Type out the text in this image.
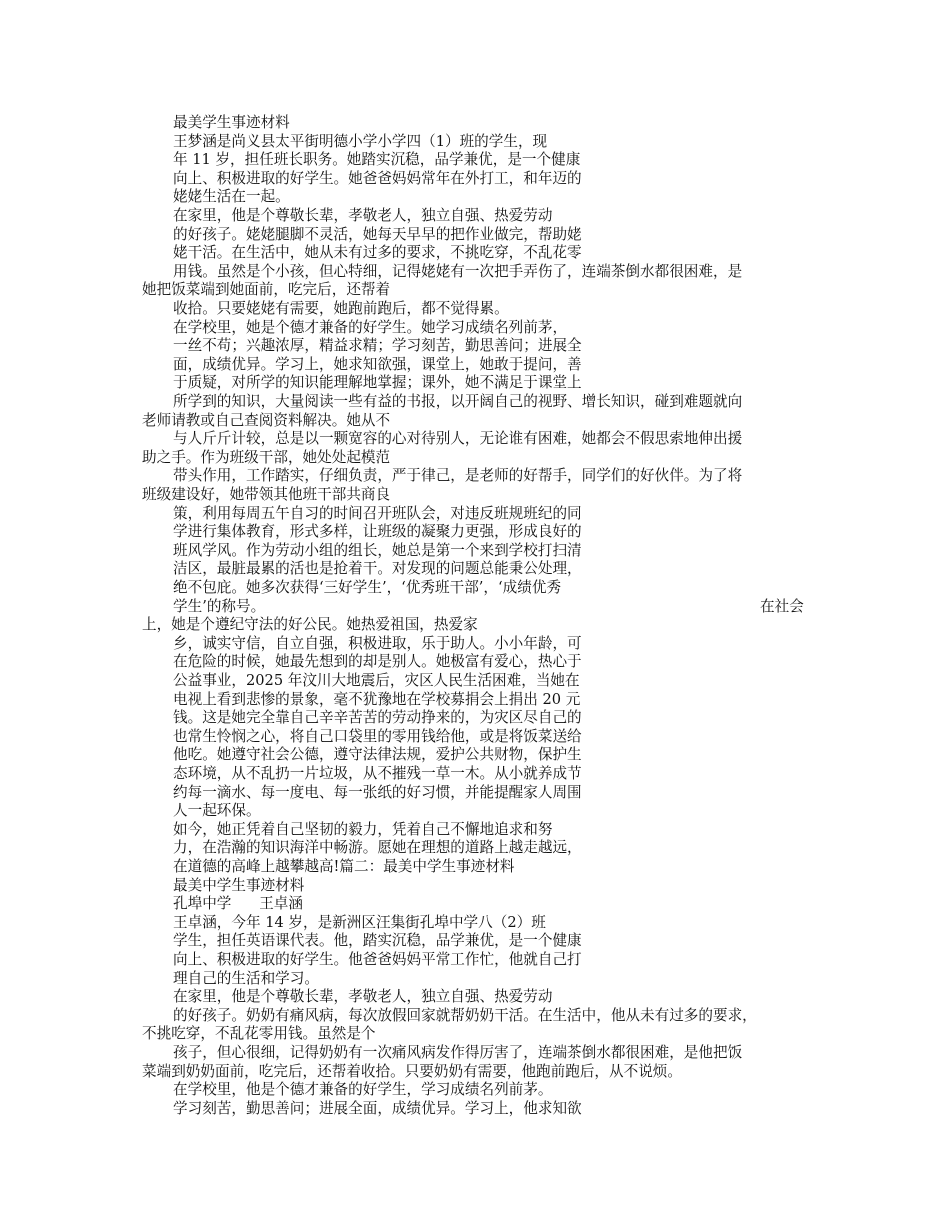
最美学生事迹材料

王梦涵是尚义县太平街明德小学小学四（1）班的学生，现

年 11 岁，担任班长职务。她踏实沉稳，品学兼优，是一个健康

向上、积极进取的好学生。她爸爸妈妈常年在外打工，和年迈的

姥姥生活在一起。

在家里，他是个尊敬长辈，孝敬老人，独立自强、热爱劳动

的好孩子。姥姥腿脚不灵活，她每天早早的把作业做完，帮助姥

姥干活。在生活中，她从未有过多的要求，不挑吃穿，不乱花零

用钱。虽然是个小孩，但心特细，记得姥姥有一次把手弄伤了，连端茶倒水都很困难，是

她把饭菜端到她面前，吃完后，还帮着

收拾。只要姥姥有需要，她跑前跑后，都不觉得累。

在学校里，她是个德才兼备的好学生。她学习成绩名列前茅，

一丝不苟；兴趣浓厚，精益求精；学习刻苦，勤思善问；进展全

面，成绩优异。学习上，她求知欲强，课堂上，她敢于提问，善

于质疑，对所学的知识能理解地掌握；课外，她不满足于课堂上

所学到的知识，大量阅读一些有益的书报，以开阔自己的视野、增长知识，碰到难题就向

老师请教或自己查阅资料解决。她从不

与人斤斤计较，总是以一颗宽容的心对待别人，无论谁有困难，她都会不假思索地伸出援

助之手。作为班级干部，她处处起模范

带头作用，工作踏实，仔细负责，严于律己，是老师的好帮手，同学们的好伙伴。为了将

班级建设好，她带领其他班干部共商良

策，利用每周五午自习的时间召开班队会，对违反班规班纪的同

学进行集体教育，形式多样，让班级的凝聚力更强，形成良好的

班风学风。作为劳动小组的组长，她总是第一个来到学校打扫清

洁区，最脏最累的活也是抢着干。对发现的问题总能秉公处理，

绝不包庇。她多次获得‘三好学生’，‘优秀班干部’，‘成绩优秀

学生’的称号。	在社会

上，她是个遵纪守法的好公民。她热爱祖国，热爱家

乡，诚实守信，自立自强，积极进取，乐于助人。小小年龄，可

在危险的时候，她最先想到的却是别人。她极富有爱心，热心于

公益事业，2025 年汶川大地震后，灾区人民生活困难，当她在

电视上看到悲惨的景象，毫不犹豫地在学校募捐会上捐出 20 元

钱。这是她完全靠自己辛辛苦苦的劳动挣来的，为灾区尽自己的

也常生怜悯之心，将自己口袋里的零用钱给他，或是将饭菜送给

他吃。她遵守社会公德，遵守法律法规，爱护公共财物，保护生

态环境，从不乱扔一片垃圾，从不摧残一草一木。从小就养成节

约每一滴水、每一度电、每一张纸的好习惯，并能提醒家人周围

人一起环保。

如今，她正凭着自己坚韧的毅力，凭着自己不懈地追求和努

力，在浩瀚的知识海洋中畅游。愿她在理想的道路上越走越远，

在道德的高峰上越攀越高!篇二：最美中学生事迹材料

最美中学生事迹材料

孔埠中学      王卓涵

王卓涵，今年 14 岁，是新洲区汪集街孔埠中学八（2）班

学生，担任英语课代表。他，踏实沉稳，品学兼优，是一个健康

向上、积极进取的好学生。他爸爸妈妈平常工作忙，他就自己打

理自己的生活和学习。

在家里，他是个尊敬长辈，孝敬老人，独立自强、热爱劳动

的好孩子。奶奶有痛风病，每次放假回家就帮奶奶干活。在生活中，他从未有过多的要求，

不挑吃穿，不乱花零用钱。虽然是个

孩子，但心很细，记得奶奶有一次痛风病发作得厉害了，连端茶倒水都很困难，是他把饭

菜端到奶奶面前，吃完后，还帮着收拾。只要奶奶有需要，他跑前跑后，从不说烦。

在学校里，他是个德才兼备的好学生，学习成绩名列前茅。

学习刻苦，勤思善问；进展全面，成绩优异。学习上，他求知欲
